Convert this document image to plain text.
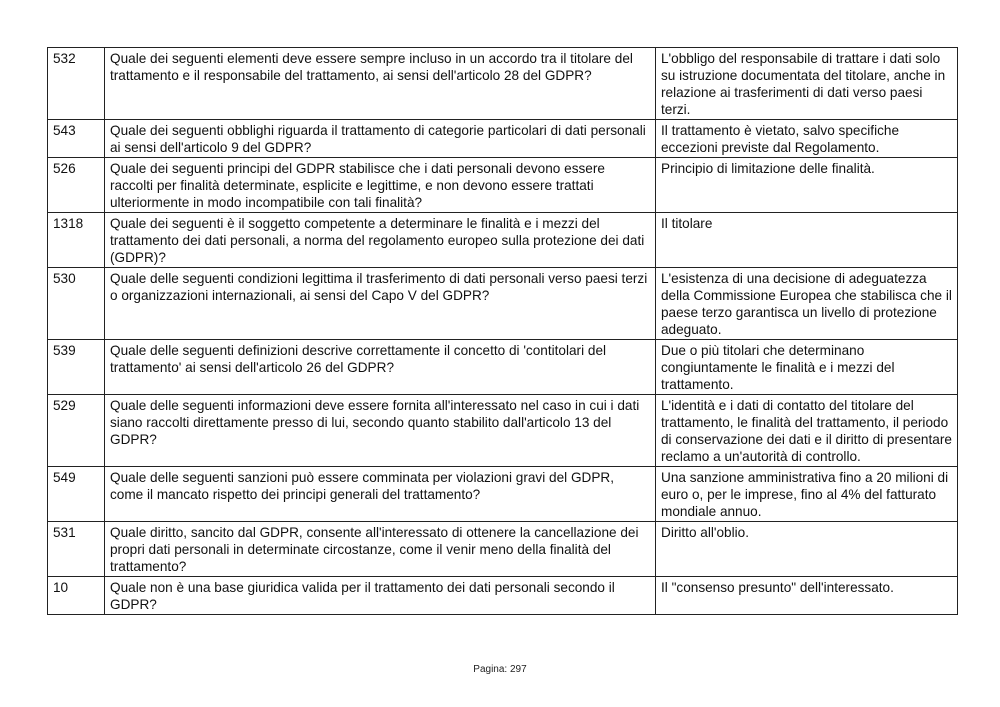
532	Quale dei seguenti elementi deve essere sempre incluso in un accordo tra il titolare del trattamento e il responsabile del trattamento, ai sensi dell'articolo 28 del GDPR?	L'obbligo del responsabile di trattare i dati solo su istruzione documentata del titolare, anche in relazione ai trasferimenti di dati verso paesi terzi.
543	Quale dei seguenti obblighi riguarda il trattamento di categorie particolari di dati personali ai sensi dell'articolo 9 del GDPR?	Il trattamento è vietato, salvo specifiche eccezioni previste dal Regolamento.
526	Quale dei seguenti principi del GDPR stabilisce che i dati personali devono essere raccolti per finalità determinate, esplicite e legittime, e non devono essere trattati ulteriormente in modo incompatibile con tali finalità?	Principio di limitazione delle finalità.
1318	Quale dei seguenti è il soggetto competente a determinare le finalità e i mezzi del trattamento dei dati personali, a norma del regolamento europeo sulla protezione dei dati (GDPR)?	Il titolare
530	Quale delle seguenti condizioni legittima il trasferimento di dati personali verso paesi terzi o organizzazioni internazionali, ai sensi del Capo V del GDPR?	L'esistenza di una decisione di adeguatezza della Commissione Europea che stabilisca che il paese terzo garantisca un livello di protezione adeguato.
539	Quale delle seguenti definizioni descrive correttamente il concetto di 'contitolari del trattamento' ai sensi dell'articolo 26 del GDPR?	Due o più titolari che determinano congiuntamente le finalità e i mezzi del trattamento.
529	Quale delle seguenti informazioni deve essere fornita all'interessato nel caso in cui i dati siano raccolti direttamente presso di lui, secondo quanto stabilito dall'articolo 13 del GDPR?	L'identità e i dati di contatto del titolare del trattamento, le finalità del trattamento, il periodo di conservazione dei dati e il diritto di presentare reclamo a un'autorità di controllo.
549	Quale delle seguenti sanzioni può essere comminata per violazioni gravi del GDPR, come il mancato rispetto dei principi generali del trattamento?	Una sanzione amministrativa fino a 20 milioni di euro o, per le imprese, fino al 4% del fatturato mondiale annuo.
531	Quale diritto, sancito dal GDPR, consente all'interessato di ottenere la cancellazione dei propri dati personali in determinate circostanze, come il venir meno della finalità del trattamento?	Diritto all'oblio.
10	Quale non è una base giuridica valida per il trattamento dei dati personali secondo il GDPR?	Il "consenso presunto" dell'interessato.
Pagina: 297
